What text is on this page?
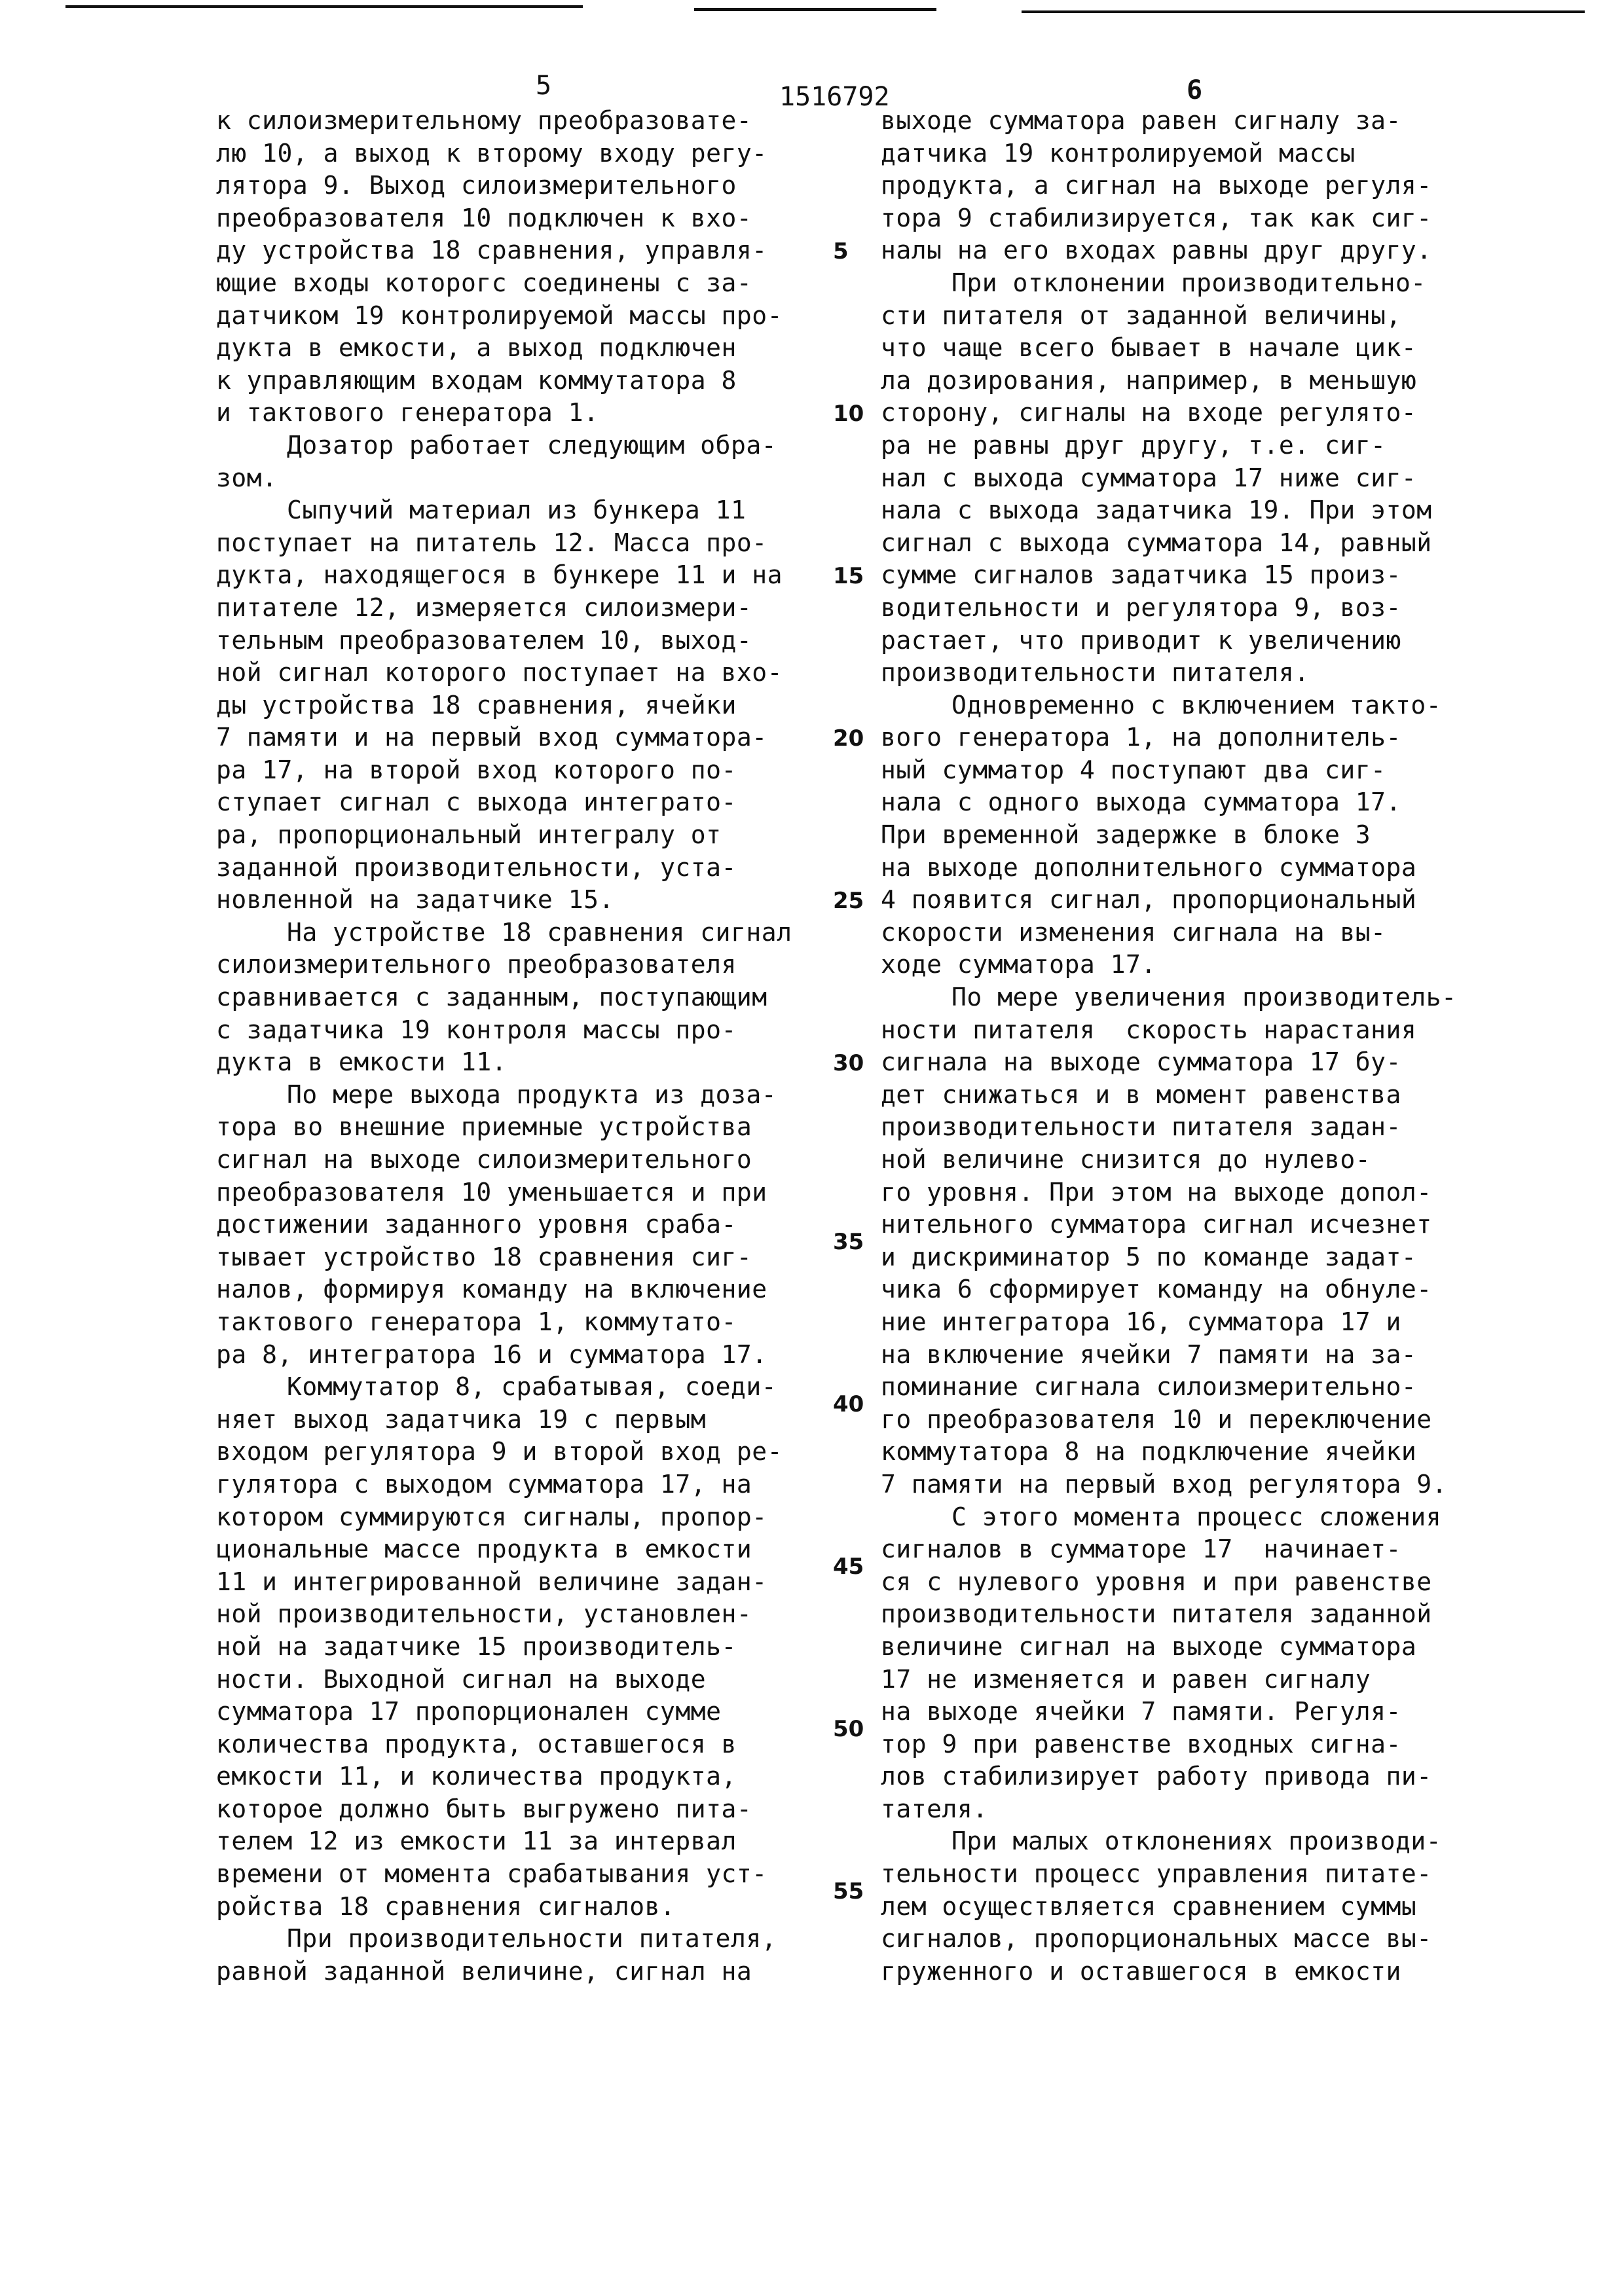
5	1516792	6
к силоизмерительному преобразовате-
лю 10, а выход к второму входу регу-
лятора 9. Выход силоизмерительного
преобразователя 10 подключен к вхо-
ду устройства 18 сравнения, управля-
ющие входы которогс соединены с за-
датчиком 19 контролируемой массы про-
дукта в емкости, а выход подключен
к управляющим входам коммутатора 8
и тактового генератора 1.
Дозатор работает следующим обра-
зом.
Сыпучий материал из бункера 11
поступает на питатель 12. Масса про-
дукта, находящегося в бункере 11 и на
питателе 12, измеряется силоизмери-
тельным преобразователем 10, выход-
ной сигнал которого поступает на вхо-
ды устройства 18 сравнения, ячейки
7 памяти и на первый вход сумматора-
ра 17, на второй вход которого по-
ступает сигнал с выхода интеграто-
ра, пропорциональный интегралу от
заданной производительности, уста-
новленной на задатчике 15.
На устройстве 18 сравнения сигнал
силоизмерительного преобразователя
сравнивается с заданным, поступающим
с задатчика 19 контроля массы про-
дукта в емкости 11.
По мере выхода продукта из доза-
тора во внешние приемные устройства
сигнал на выходе силоизмерительного
преобразователя 10 уменьшается и при
достижении заданного уровня сраба-
тывает устройство 18 сравнения сиг-
налов, формируя команду на включение
тактового генератора 1, коммутато-
ра 8, интегратора 16 и сумматора 17.
Коммутатор 8, срабатывая, соеди-
няет выход задатчика 19 с первым
входом регулятора 9 и второй вход ре-
гулятора с выходом сумматора 17, на
котором суммируются сигналы, пропор-
циональные массе продукта в емкости
11 и интегрированной величине задан-
ной производительности, установлен-
ной на задатчике 15 производитель-
ности. Выходной сигнал на выходе
сумматора 17 пропорционален сумме
количества продукта, оставшегося в
емкости 11, и количества продукта,
которое должно быть выгружено пита-
телем 12 из емкости 11 за интервал
времени от момента срабатывания уст-
ройства 18 сравнения сигналов.
При производительности питателя,
равной заданной величине, сигнал на
5
10
15
20
25
30
35
40
45
50
55
выходе сумматора равен сигналу за-
датчика 19 контролируемой массы
продукта, а сигнал на выходе регуля-
тора 9 стабилизируется, так как сиг-
налы на его входах равны друг другу.
При отклонении производительно-
сти питателя от заданной величины,
что чаще всего бывает в начале цик-
ла дозирования, например, в меньшую
сторону, сигналы на входе регулято-
ра не равны друг другу, т.е. сиг-
нал с выхода сумматора 17 ниже сиг-
нала с выхода задатчика 19. При этом
сигнал с выхода сумматора 14, равный
сумме сигналов задатчика 15 произ-
водительности и регулятора 9, воз-
растает, что приводит к увеличению
производительности питателя.
Одновременно с включением такто-
вого генератора 1, на дополнитель-
ный сумматор 4 поступают два сиг-
нала с одного выхода сумматора 17.
При временной задержке в блоке 3
на выходе дополнительного сумматора
4 появится сигнал, пропорциональный
скорости изменения сигнала на вы-
ходе сумматора 17.
По мере увеличения производитель-
ности питателя  скорость нарастания
сигнала на выходе сумматора 17 бу-
дет снижаться и в момент равенства
производительности питателя задан-
ной величине снизится до нулево-
го уровня. При этом на выходе допол-
нительного сумматора сигнал исчезнет
и дискриминатор 5 по команде задат-
чика 6 сформирует команду на обнуле-
ние интегратора 16, сумматора 17 и
на включение ячейки 7 памяти на за-
поминание сигнала силоизмерительно-
го преобразователя 10 и переключение
коммутатора 8 на подключение ячейки
7 памяти на первый вход регулятора 9.
С этого момента процесс сложения
сигналов в сумматоре 17  начинает-
ся с нулевого уровня и при равенстве
производительности питателя заданной
величине сигнал на выходе сумматора
17 не изменяется и равен сигналу
на выходе ячейки 7 памяти. Регуля-
тор 9 при равенстве входных сигна-
лов стабилизирует работу привода пи-
тателя.
При малых отклонениях производи-
тельности процесс управления питате-
лем осуществляется сравнением суммы
сигналов, пропорциональных массе вы-
груженного и оставшегося в емкости
